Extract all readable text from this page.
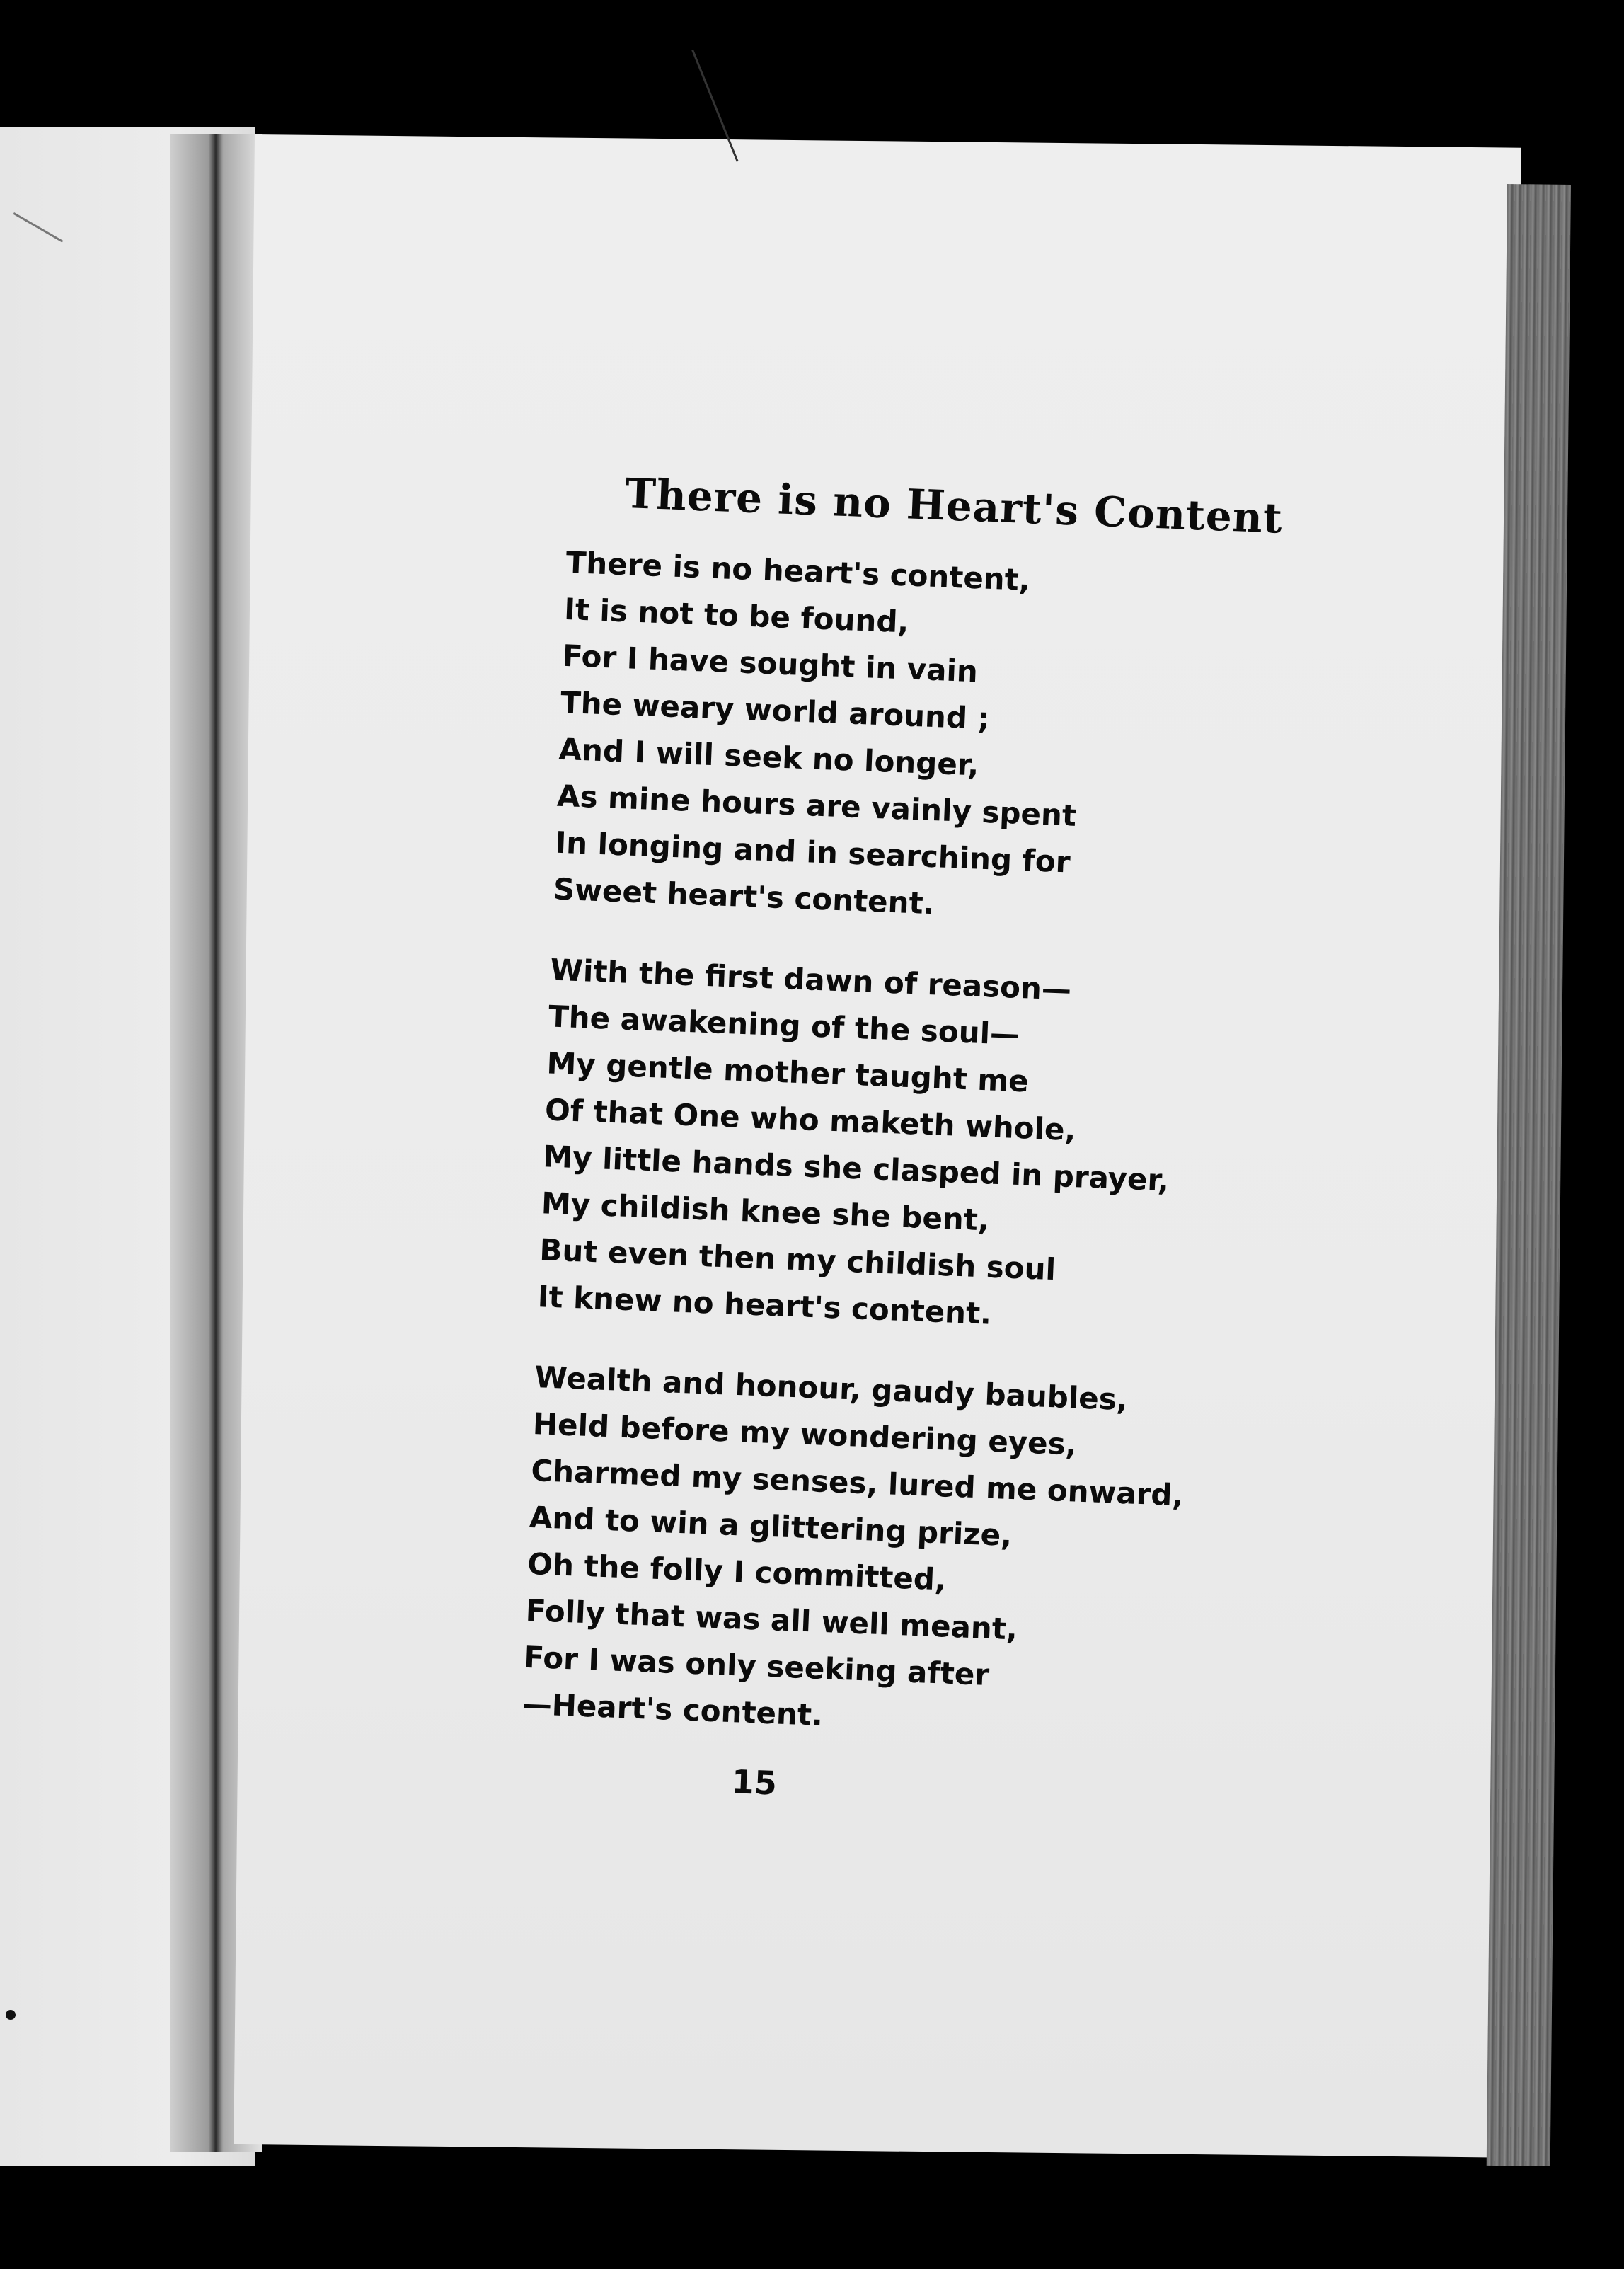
There is no Heart's Content
There is no heart's content,
It is not to be found,
For I have sought in vain
The weary world around ;
And I will seek no longer,
As mine hours are vainly spent
In longing and in searching for
Sweet heart's content.
With the first dawn of reason—
The awakening of the soul—
My gentle mother taught me
Of that One who maketh whole,
My little hands she clasped in prayer,
My childish knee she bent,
But even then my childish soul
It knew no heart's content.
Wealth and honour, gaudy baubles,
Held before my wondering eyes,
Charmed my senses, lured me onward,
And to win a glittering prize,
Oh the folly I committed,
Folly that was all well meant,
For I was only seeking after
—Heart's content.
15
